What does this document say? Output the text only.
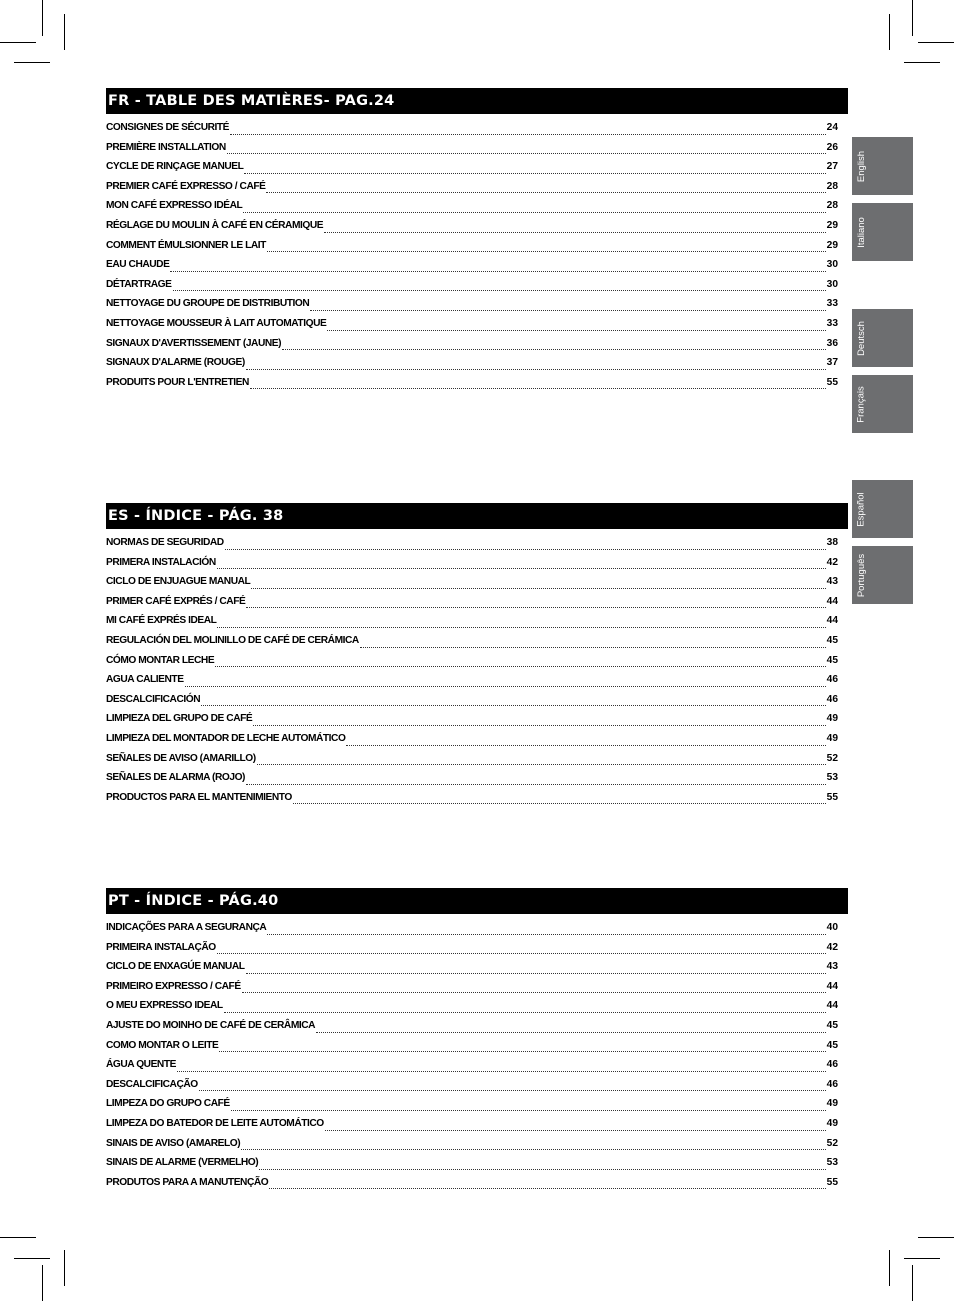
FR - TABLE DES MATIÈRES- PAG.24
CONSIGNES DE SÉCURITÉ	24
PREMIÈRE INSTALLATION	26
CYCLE DE RINÇAGE MANUEL	27
PREMIER CAFÉ EXPRESSO / CAFÉ	28
MON CAFÉ EXPRESSO IDÉAL	28
RÉGLAGE DU MOULIN À CAFÉ EN CÉRAMIQUE	29
COMMENT ÉMULSIONNER LE LAIT	29
EAU CHAUDE	30
DÉTARTRAGE	30
NETTOYAGE DU GROUPE DE DISTRIBUTION	33
NETTOYAGE MOUSSEUR À LAIT AUTOMATIQUE	33
SIGNAUX D'AVERTISSEMENT (JAUNE)	36
SIGNAUX D'ALARME (ROUGE)	37
PRODUITS POUR L'ENTRETIEN	55
ES - ÍNDICE - PÁG. 38
NORMAS DE SEGURIDAD	38
PRIMERA INSTALACIÓN	42
CICLO DE ENJUAGUE MANUAL	43
PRIMER CAFÉ EXPRÉS / CAFÉ	44
MI CAFÉ EXPRÉS IDEAL	44
REGULACIÓN DEL MOLINILLO DE CAFÉ DE CERÁMICA	45
CÓMO MONTAR LECHE	45
AGUA CALIENTE	46
DESCALCIFICACIÓN	46
LIMPIEZA DEL GRUPO DE CAFÉ	49
LIMPIEZA DEL MONTADOR DE LECHE AUTOMÁTICO	49
SEÑALES DE AVISO (AMARILLO)	52
SEÑALES DE ALARMA (ROJO)	53
PRODUCTOS PARA EL MANTENIMIENTO	55
PT - ÍNDICE - PÁG.40
INDICAÇÕES PARA A SEGURANÇA	40
PRIMEIRA INSTALAÇÃO	42
CICLO DE ENXAGÚE MANUAL	43
PRIMEIRO EXPRESSO / CAFÉ	44
O MEU EXPRESSO IDEAL	44
AJUSTE DO MOINHO DE CAFÉ DE CERÂMICA	45
COMO MONTAR O LEITE	45
ÁGUA QUENTE	46
DESCALCIFICAÇÃO	46
LIMPEZA DO GRUPO CAFÉ	49
LIMPEZA DO BATEDOR DE LEITE AUTOMÁTICO	49
SINAIS DE AVISO (AMARELO)	52
SINAIS DE ALARME (VERMELHO)	53
PRODUTOS PARA A MANUTENÇÃO	55
English
Italiano
Deutsch
Français
Español
Português
